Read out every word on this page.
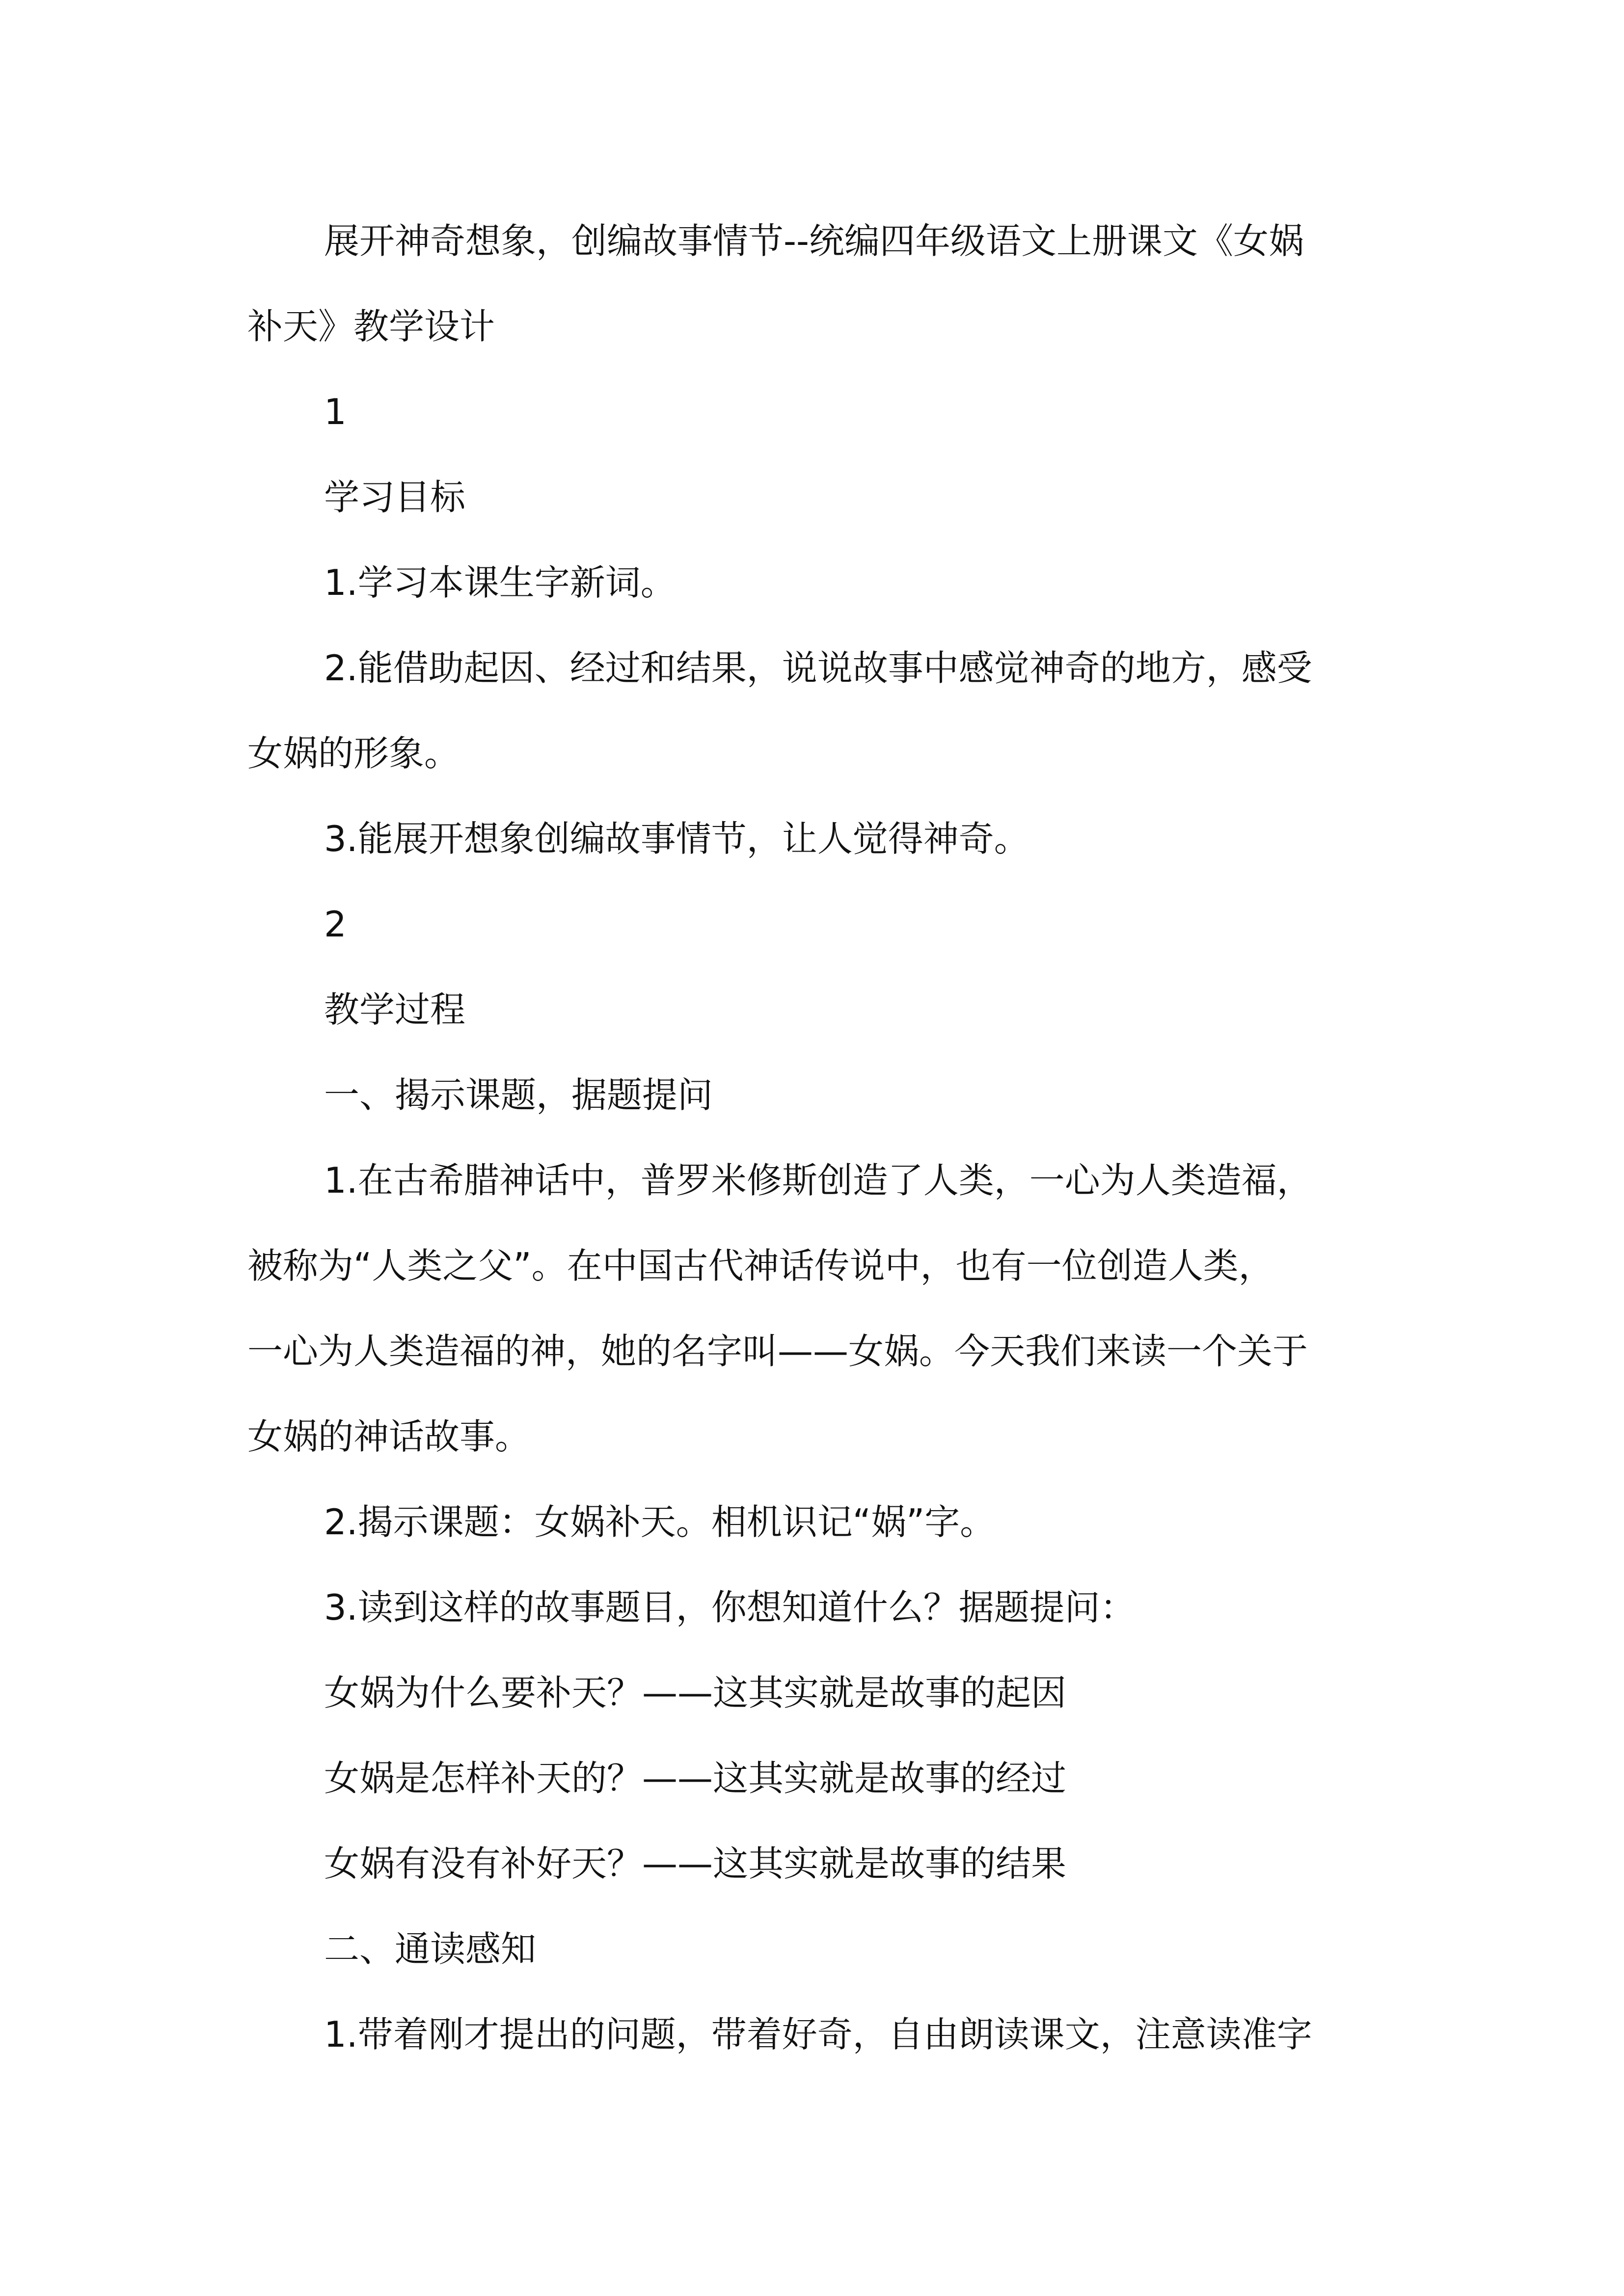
展开神奇想象，创编故事情节--统编四年级语文上册课文《女娲

补天》教学设计

1

学习目标

1.学习本课生字新词。

2.能借助起因、经过和结果，说说故事中感觉神奇的地方，感受

女娲的形象。

3.能展开想象创编故事情节，让人觉得神奇。

2

教学过程

一、揭示课题，据题提问

1.在古希腊神话中，普罗米修斯创造了人类，一心为人类造福，

被称为“人类之父”。在中国古代神话传说中，也有一位创造人类，

一心为人类造福的神，她的名字叫——女娲。今天我们来读一个关于

女娲的神话故事。

2.揭示课题：女娲补天。相机识记“娲”字。

3.读到这样的故事题目，你想知道什么？据题提问：

女娲为什么要补天？——这其实就是故事的起因

女娲是怎样补天的？——这其实就是故事的经过

女娲有没有补好天？——这其实就是故事的结果

二、通读感知

1.带着刚才提出的问题，带着好奇，自由朗读课文，注意读准字
